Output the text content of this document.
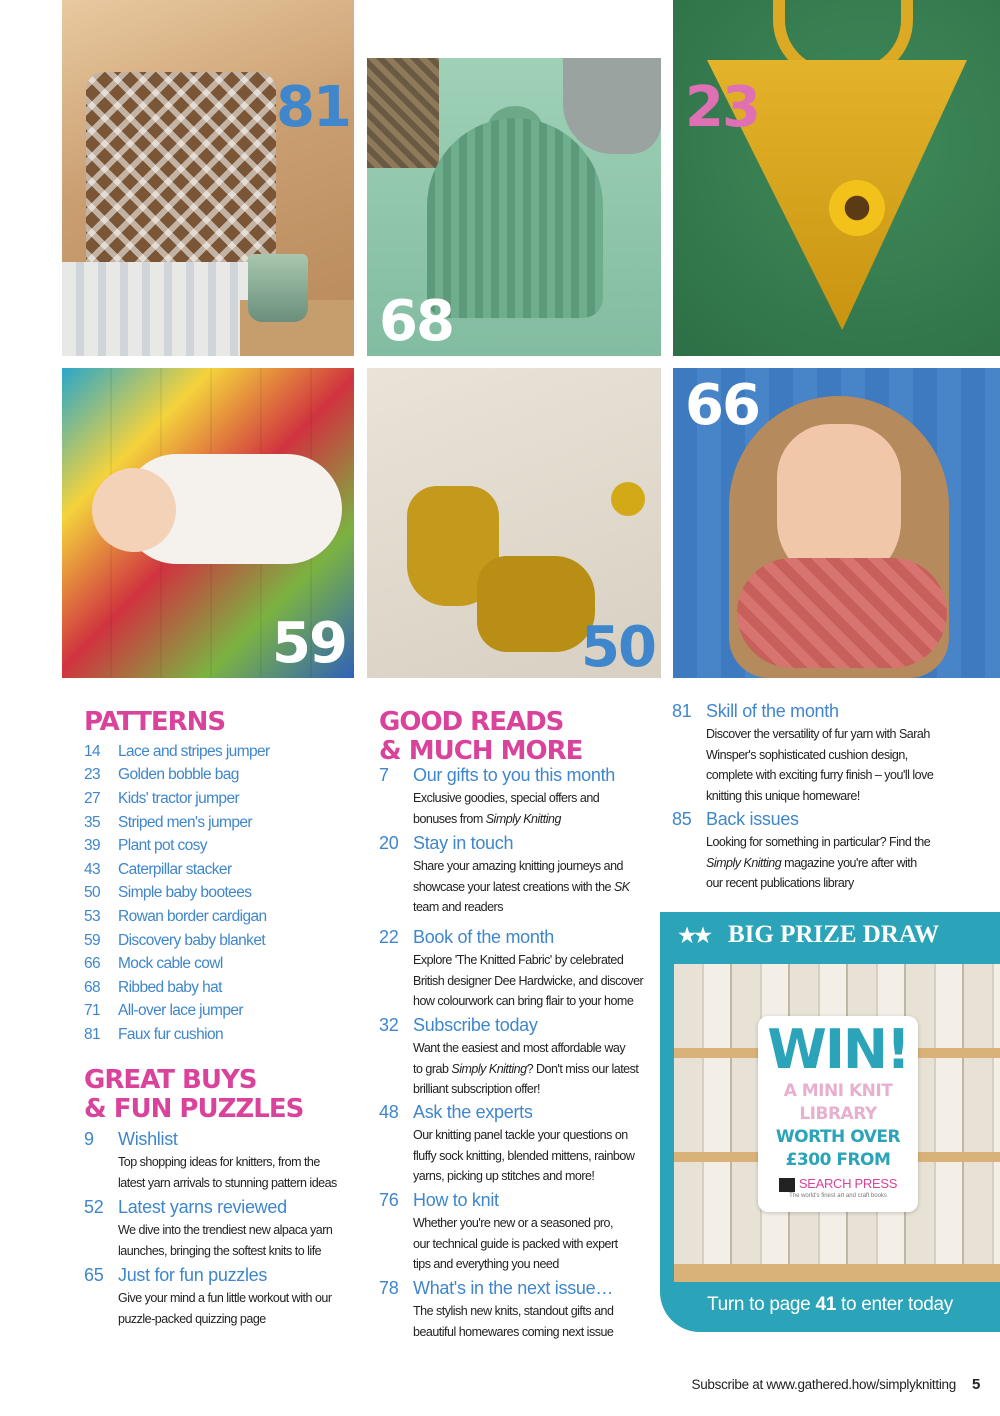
81
68
23
59	50
66
PATTERNS
14	Lace and stripes jumper
23	Golden bobble bag
27	Kids' tractor jumper
35	Striped men's jumper
39	Plant pot cosy
43	Caterpillar stacker
50	Simple baby bootees
53	Rowan border cardigan
59	Discovery baby blanket
66	Mock cable cowl
68	Ribbed baby hat
71	All-over lace jumper
81	Faux fur cushion
GREAT BUYS
& FUN PUZZLES
9	Wishlist
Top shopping ideas for knitters, from the
latest yarn arrivals to stunning pattern ideas
52 Latest yarns reviewed
We dive into the trendiest new alpaca yarn
launches, bringing the softest knits to life
65 Just for fun puzzles
Give your mind a fun little workout with our
puzzle-packed quizzing page
GOOD READS
& MUCH MORE
7	Our gifts to you this month
Exclusive goodies, special offers and
bonuses from Simply Knitting
20 Stay in touch
Share your amazing knitting journeys and
showcase your latest creations with the SK
team and readers
22 Book of the month
Explore 'The Knitted Fabric' by celebrated
British designer Dee Hardwicke, and discover
how colourwork can bring flair to your home
32 Subscribe today
Want the easiest and most affordable way
to grab Simply Knitting? Don't miss our latest
brilliant subscription offer!
48 Ask the experts
Our knitting panel tackle your questions on
fluffy sock knitting, blended mittens, rainbow
yarns, picking up stitches and more!
76 How to knit
Whether you're new or a seasoned pro,
our technical guide is packed with expert
tips and everything you need
78 What's in the next issue…
The stylish new knits, standout gifts and
beautiful homewares coming next issue
81 Skill of the month
Discover the versatility of fur yarn with Sarah
Winsper's sophisticated cushion design,
complete with exciting furry finish – you'll love
knitting this unique homeware!
85 Back issues
Looking for something in particular? Find the
Simply Knitting magazine you're after with
our recent publications library
★★ BIG PRIZE DRAW
WIN!
A MINI KNIT
LIBRARY
WORTH OVER
£300 FROM
SEARCH PRESS
The world's finest art and craft books
Turn to page 41 to enter today
Subscribe at www.gathered.how/simplyknitting 5
